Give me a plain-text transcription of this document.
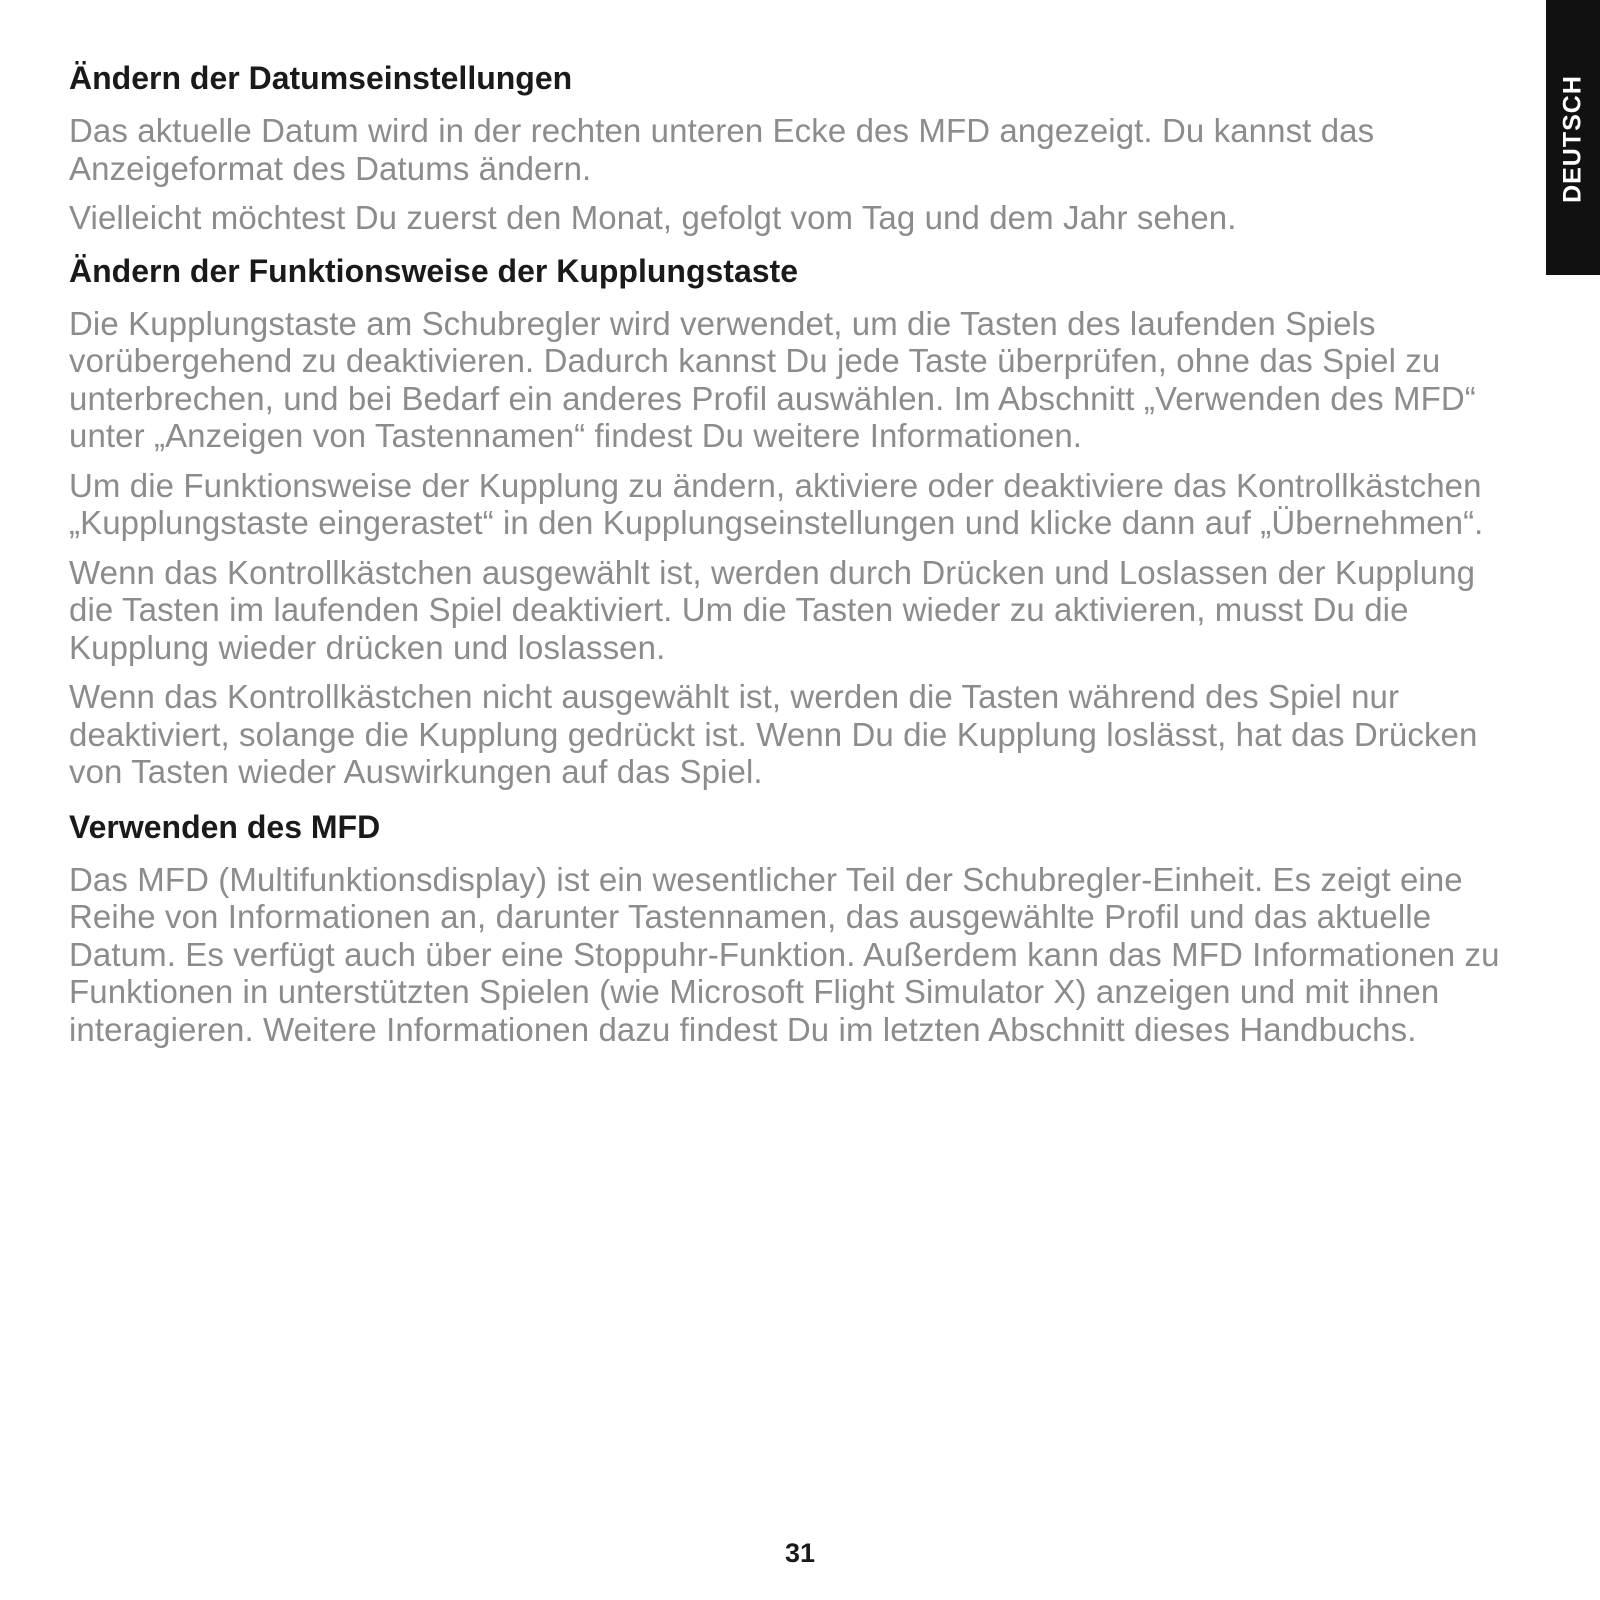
DEUTSCH
Ändern der Datumseinstellungen

Das aktuelle Datum wird in der rechten unteren Ecke des MFD angezeigt. Du kannst das Anzeigeformat des Datums ändern.

Vielleicht möchtest Du zuerst den Monat, gefolgt vom Tag und dem Jahr sehen.

Ändern der Funktionsweise der Kupplungstaste

Die Kupplungstaste am Schubregler wird verwendet, um die Tasten des laufenden Spiels vorübergehend zu deaktivieren. Dadurch kannst Du jede Taste überprüfen, ohne das Spiel zu unterbrechen, und bei Bedarf ein anderes Profil auswählen. Im Abschnitt „Verwenden des MFD“ unter „Anzeigen von Tastennamen“ findest Du weitere Informationen.

Um die Funktionsweise der Kupplung zu ändern, aktiviere oder deaktiviere das Kontrollkästchen „Kupplungstaste eingerastet“ in den Kupplungseinstellungen und klicke dann auf „Übernehmen“.

Wenn das Kontrollkästchen ausgewählt ist, werden durch Drücken und Loslassen der Kupplung die Tasten im laufenden Spiel deaktiviert. Um die Tasten wieder zu aktivieren, musst Du die Kupplung wieder drücken und loslassen.

Wenn das Kontrollkästchen nicht ausgewählt ist, werden die Tasten während des Spiel nur deaktiviert, solange die Kupplung gedrückt ist. Wenn Du die Kupplung loslässt, hat das Drücken von Tasten wieder Auswirkungen auf das Spiel.

Verwenden des MFD

Das MFD (Multifunktionsdisplay) ist ein wesentlicher Teil der Schubregler-Einheit. Es zeigt eine Reihe von Informationen an, darunter Tastennamen, das ausgewählte Profil und das aktuelle Datum. Es verfügt auch über eine Stoppuhr-Funktion. Außerdem kann das MFD Informationen zu Funktionen in unterstützten Spielen (wie Microsoft Flight Simulator X) anzeigen und mit ihnen interagieren. Weitere Informationen dazu findest Du im letzten Abschnitt dieses Handbuchs.

31
